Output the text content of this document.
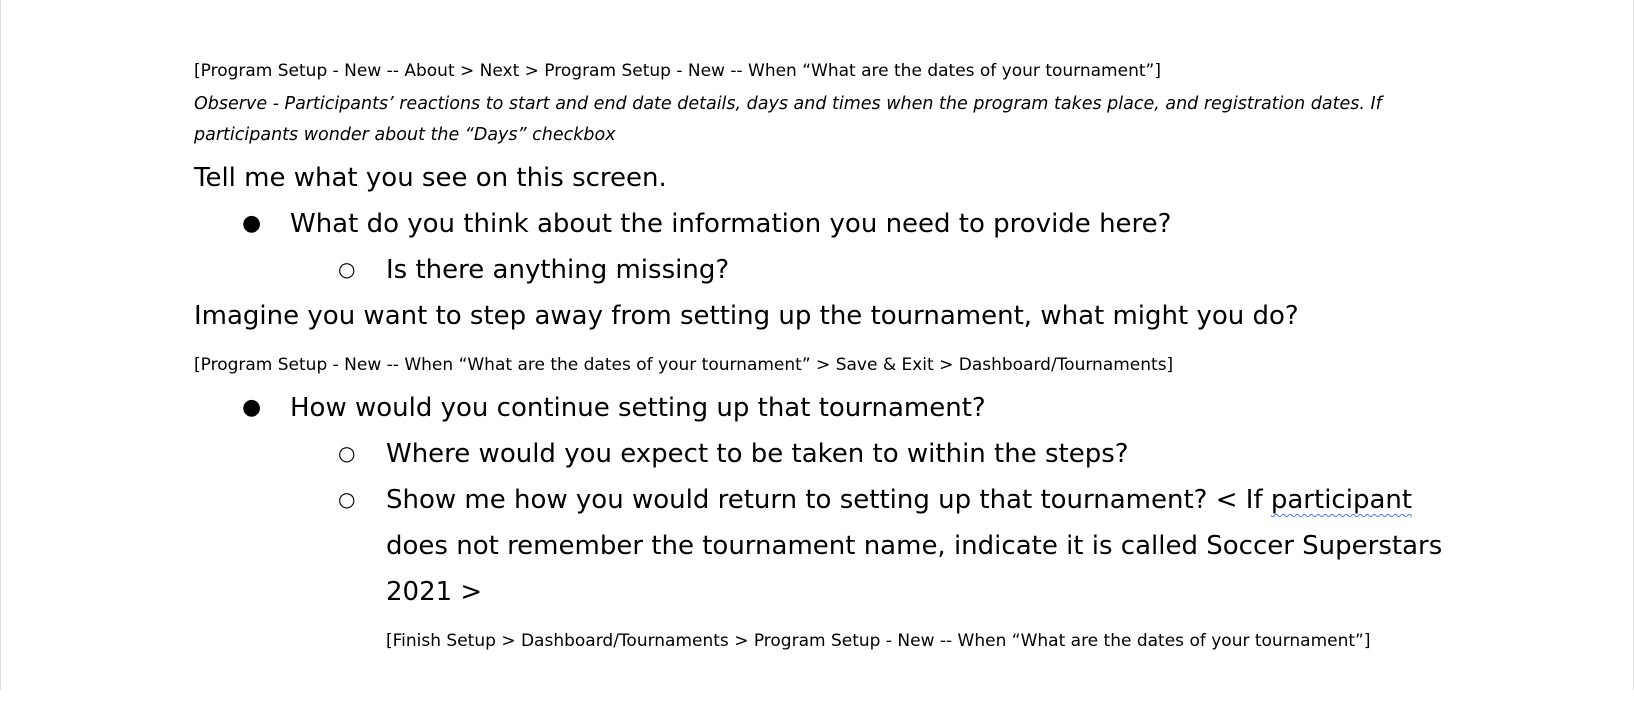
[Program Setup - New -- About > Next > Program Setup - New -- When “What are the dates of your tournament”]
Observe - Participants’ reactions to start and end date details, days and times when the program takes place, and registration dates. If
participants wonder about the “Days” checkbox
Tell me what you see on this screen.
● What do you think about the information you need to provide here?
○ Is there anything missing?
Imagine you want to step away from setting up the tournament, what might you do?
[Program Setup - New -- When “What are the dates of your tournament” > Save & Exit > Dashboard/Tournaments]
● How would you continue setting up that tournament?
○ Where would you expect to be taken to within the steps?
○ Show me how you would return to setting up that tournament? < If participant
does not remember the tournament name, indicate it is called Soccer Superstars
2021 >
[Finish Setup > Dashboard/Tournaments > Program Setup - New -- When “What are the dates of your tournament”]
